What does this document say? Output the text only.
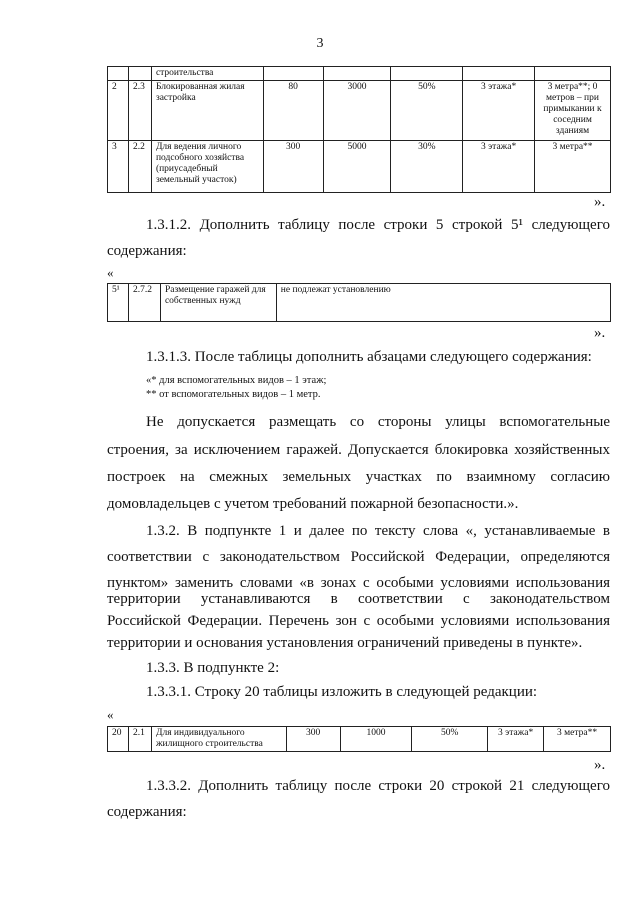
3
		строительства					
2	2.3	Блокированная жилая застройка	80	3000	50%	3 этажа*	3 метра**; 0 метров – при примыкании к соседним зданиям
3	2.2	Для ведения личного подсобного хозяйства (приусадебный земельный участок)	300	5000	30%	3 этажа*	3 метра**
».
1.3.1.2. Дополнить таблицу после строки 5 строкой 5¹ следующего
содержания:
«
5¹	2.7.2	Размещение гаражей для собственных нужд	не подлежат установлению
».
1.3.1.3. После таблицы дополнить абзацами следующего содержания:
«* для вспомогательных видов – 1 этаж;
** от вспомогательных видов – 1 метр.
Не допускается размещать со стороны улицы вспомогательные
строения, за исключением гаражей. Допускается блокировка хозяйственных
построек на смежных земельных участках по взаимному согласию
домовладельцев с учетом требований пожарной безопасности.».
1.3.2. В подпункте 1 и далее по тексту слова «, устанавливаемые в
соответствии с законодательством Российской Федерации, определяются
пунктом» заменить словами «в зонах с особыми условиями использования
территории устанавливаются в соответствии с законодательством
Российской Федерации. Перечень зон с особыми условиями использования
территории и основания установления ограничений приведены в пункте».
1.3.3. В подпункте 2:
1.3.3.1. Строку 20 таблицы изложить в следующей редакции:
«
20	2.1	Для индивидуального жилищного строительства	300	1000	50%	3 этажа*	3 метра**
».
1.3.3.2. Дополнить таблицу после строки 20 строкой 21 следующего
содержания:
